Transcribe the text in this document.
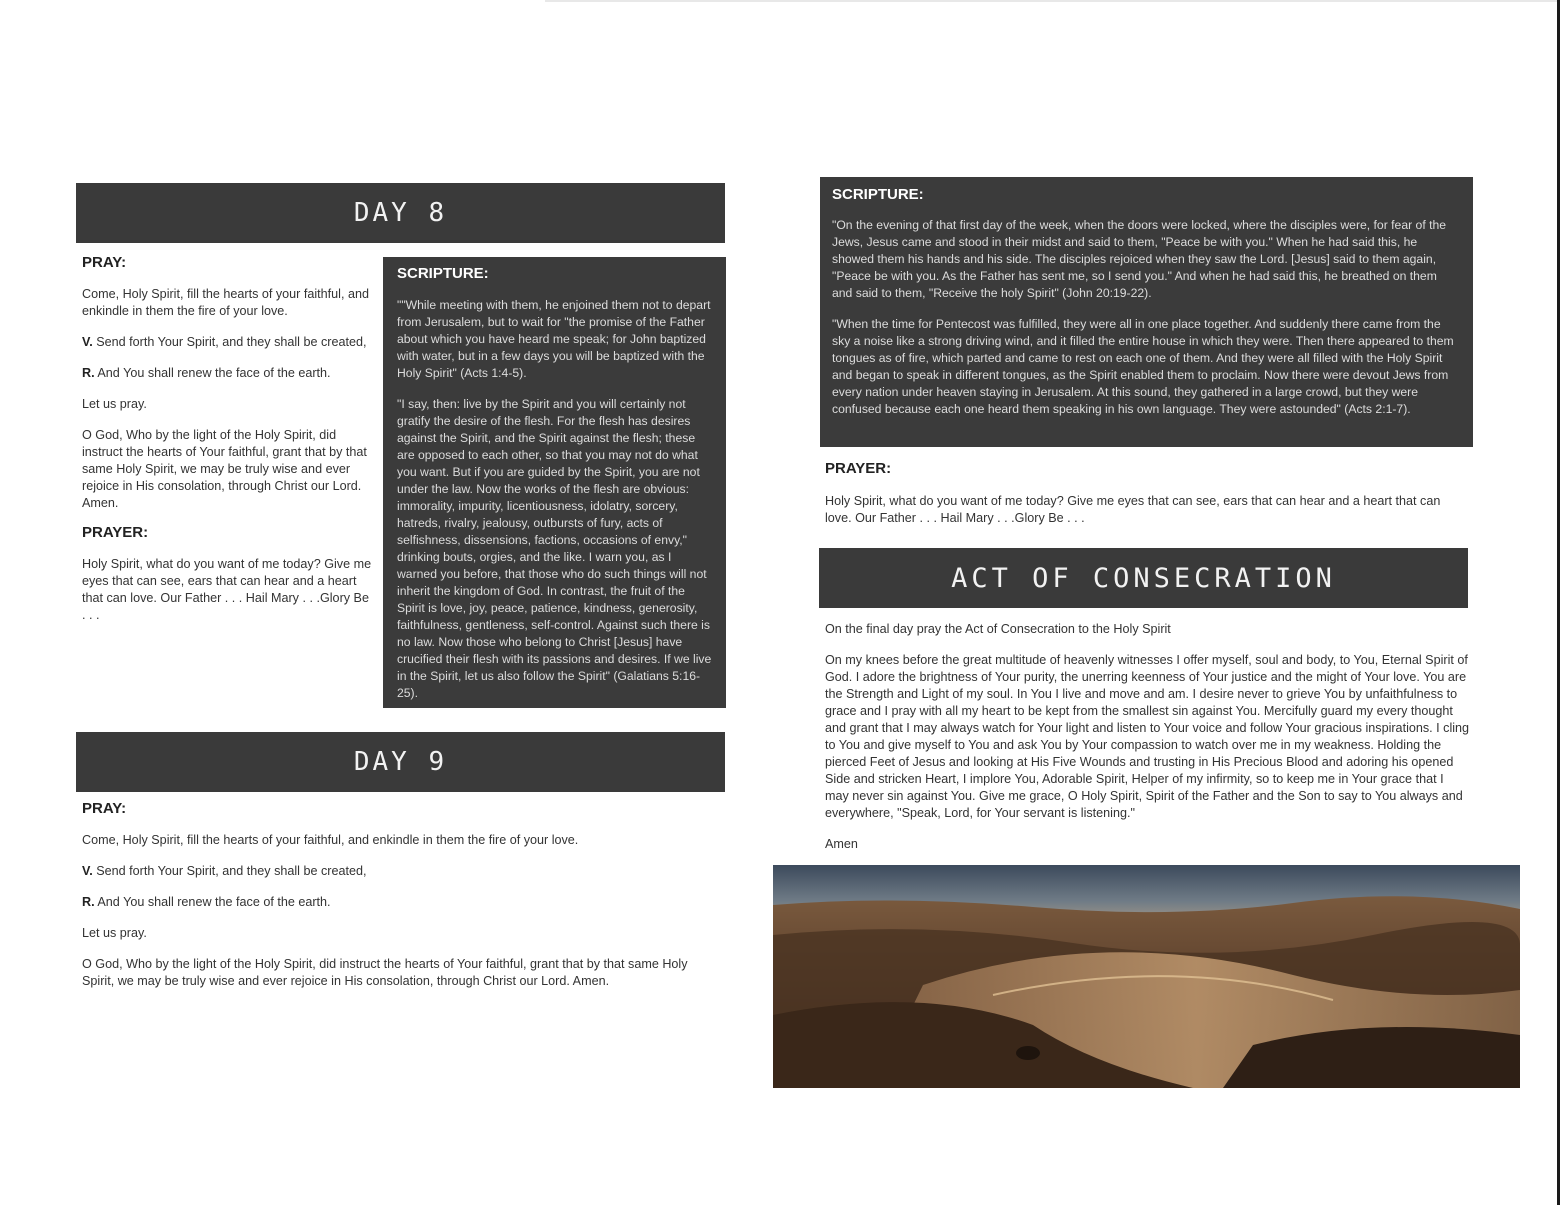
DAY 8
PRAY:

Come, Holy Spirit, fill the hearts of your faithful, and enkindle in them the fire of your love.

V. Send forth Your Spirit, and they shall be created,

R. And You shall renew the face of the earth.

Let us pray.

O God, Who by the light of the Holy Spirit, did instruct the hearts of Your faithful, grant that by that same Holy Spirit, we may be truly wise and ever rejoice in His consolation, through Christ our Lord. Amen.

PRAYER:

Holy Spirit, what do you want of me today? Give me eyes that can see, ears that can hear and a heart that can love. Our Father . . . Hail Mary . . .Glory Be . . .

SCRIPTURE:

""While meeting with them, he enjoined them not to depart from Jerusalem, but to wait for "the promise of the Father about which you have heard me speak; for John baptized with water, but in a few days you will be baptized with the Holy Spirit" (Acts 1:4-5).

"I say, then: live by the Spirit and you will certainly not gratify the desire of the flesh. For the flesh has desires against the Spirit, and the Spirit against the flesh; these are opposed to each other, so that you may not do what you want. But if you are guided by the Spirit, you are not under the law. Now the works of the flesh are obvious: immorality, impurity, licentiousness, idolatry, sorcery, hatreds, rivalry, jealousy, outbursts of fury, acts of selfishness, dissensions, factions, occasions of envy," drinking bouts, orgies, and the like. I warn you, as I warned you before, that those who do such things will not inherit the kingdom of God. In contrast, the fruit of the Spirit is love, joy, peace, patience, kindness, generosity, faithfulness, gentleness, self-control. Against such there is no law. Now those who belong to Christ [Jesus] have crucified their flesh with its passions and desires. If we live in the Spirit, let us also follow the Spirit" (Galatians 5:16-25).

DAY 9
PRAY:

Come, Holy Spirit, fill the hearts of your faithful, and enkindle in them the fire of your love.

V. Send forth Your Spirit, and they shall be created,

R. And You shall renew the face of the earth.

Let us pray.

O God, Who by the light of the Holy Spirit, did instruct the hearts of Your faithful, grant that by that same Holy Spirit, we may be truly wise and ever rejoice in His consolation, through Christ our Lord. Amen.

SCRIPTURE:

"On the evening of that first day of the week, when the doors were locked, where the disciples were, for fear of the Jews, Jesus came and stood in their midst and said to them, "Peace be with you." When he had said this, he showed them his hands and his side. The disciples rejoiced when they saw the Lord. [Jesus] said to them again, "Peace be with you. As the Father has sent me, so I send you." And when he had said this, he breathed on them and said to them, "Receive the holy Spirit" (John 20:19-22).

"When the time for Pentecost was fulfilled, they were all in one place together. And suddenly there came from the sky a noise like a strong driving wind, and it filled the entire house in which they were. Then there appeared to them tongues as of fire, which parted and came to rest on each one of them. And they were all filled with the Holy Spirit and began to speak in different tongues, as the Spirit enabled them to proclaim. Now there were devout Jews from every nation under heaven staying in Jerusalem. At this sound, they gathered in a large crowd, but they were confused because each one heard them speaking in his own language. They were astounded" (Acts 2:1-7).

PRAYER:

Holy Spirit, what do you want of me today? Give me eyes that can see, ears that can hear and a heart that can love. Our Father . . . Hail Mary . . .Glory Be . . .

ACT OF CONSECRATION

On the final day pray the Act of Consecration to the Holy Spirit

On my knees before the great multitude of heavenly witnesses I offer myself, soul and body, to You, Eternal Spirit of God. I adore the brightness of Your purity, the unerring keenness of Your justice and the might of Your love. You are the Strength and Light of my soul. In You I live and move and am. I desire never to grieve You by unfaithfulness to grace and I pray with all my heart to be kept from the smallest sin against You. Mercifully guard my every thought and grant that I may always watch for Your light and listen to Your voice and follow Your gracious inspirations. I cling to You and give myself to You and ask You by Your compassion to watch over me in my weakness. Holding the pierced Feet of Jesus and looking at His Five Wounds and trusting in His Precious Blood and adoring his opened Side and stricken Heart, I implore You, Adorable Spirit, Helper of my infirmity, so to keep me in Your grace that I may never sin against You. Give me grace, O Holy Spirit, Spirit of the Father and the Son to say to You always and everywhere, "Speak, Lord, for Your servant is listening."

Amen
